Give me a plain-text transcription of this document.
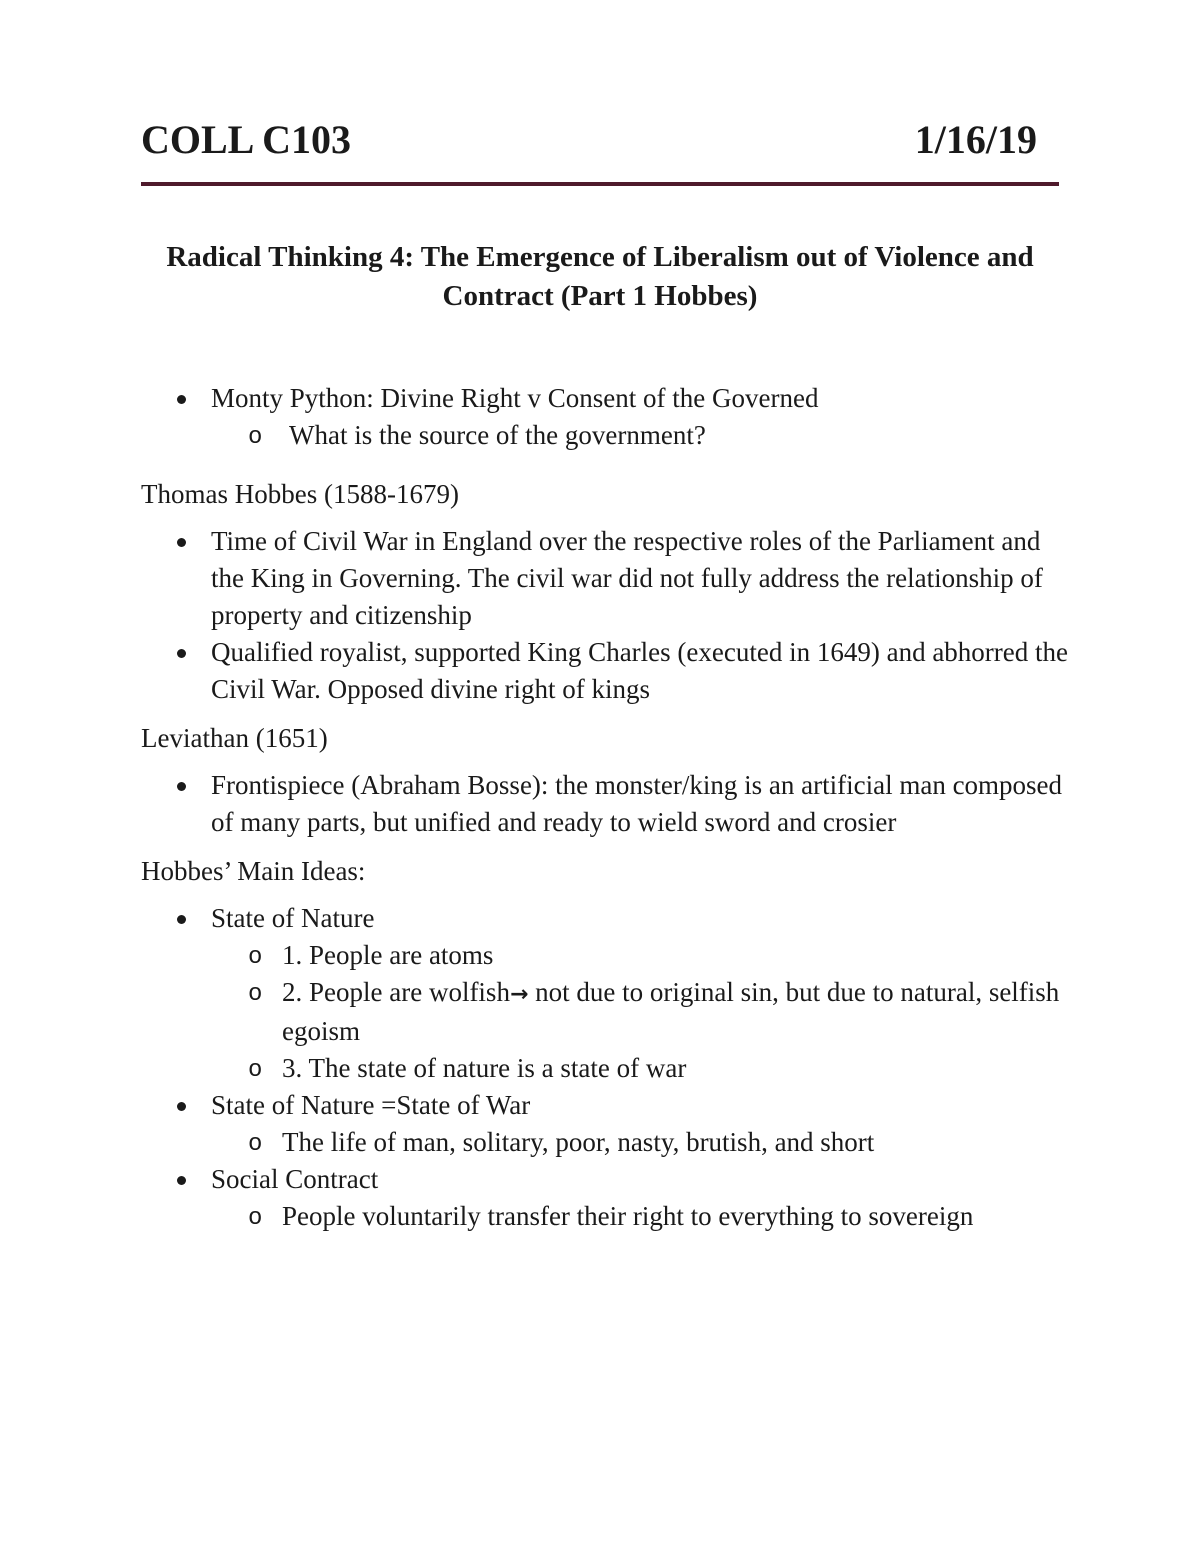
COLL C103	1/16/19
Radical Thinking 4: The Emergence of Liberalism out of Violence and Contract (Part 1 Hobbes)
Monty Python: Divine Right v Consent of the Governed
o What is the source of the government?

Thomas Hobbes (1588-1679)

Time of Civil War in England over the respective roles of the Parliament and the King in Governing. The civil war did not fully address the relationship of property and citizenship
Qualified royalist, supported King Charles (executed in 1649) and abhorred the Civil War. Opposed divine right of kings

Leviathan (1651)

Frontispiece (Abraham Bosse): the monster/king is an artificial man composed of many parts, but unified and ready to wield sword and crosier

Hobbes’ Main Ideas:

State of Nature
o 1. People are atoms
o 2. People are wolfish→ not due to original sin, but due to natural, selfish egoism
o 3. The state of nature is a state of war
State of Nature =State of War
o The life of man, solitary, poor, nasty, brutish, and short
Social Contract
o People voluntarily transfer their right to everything to sovereign
